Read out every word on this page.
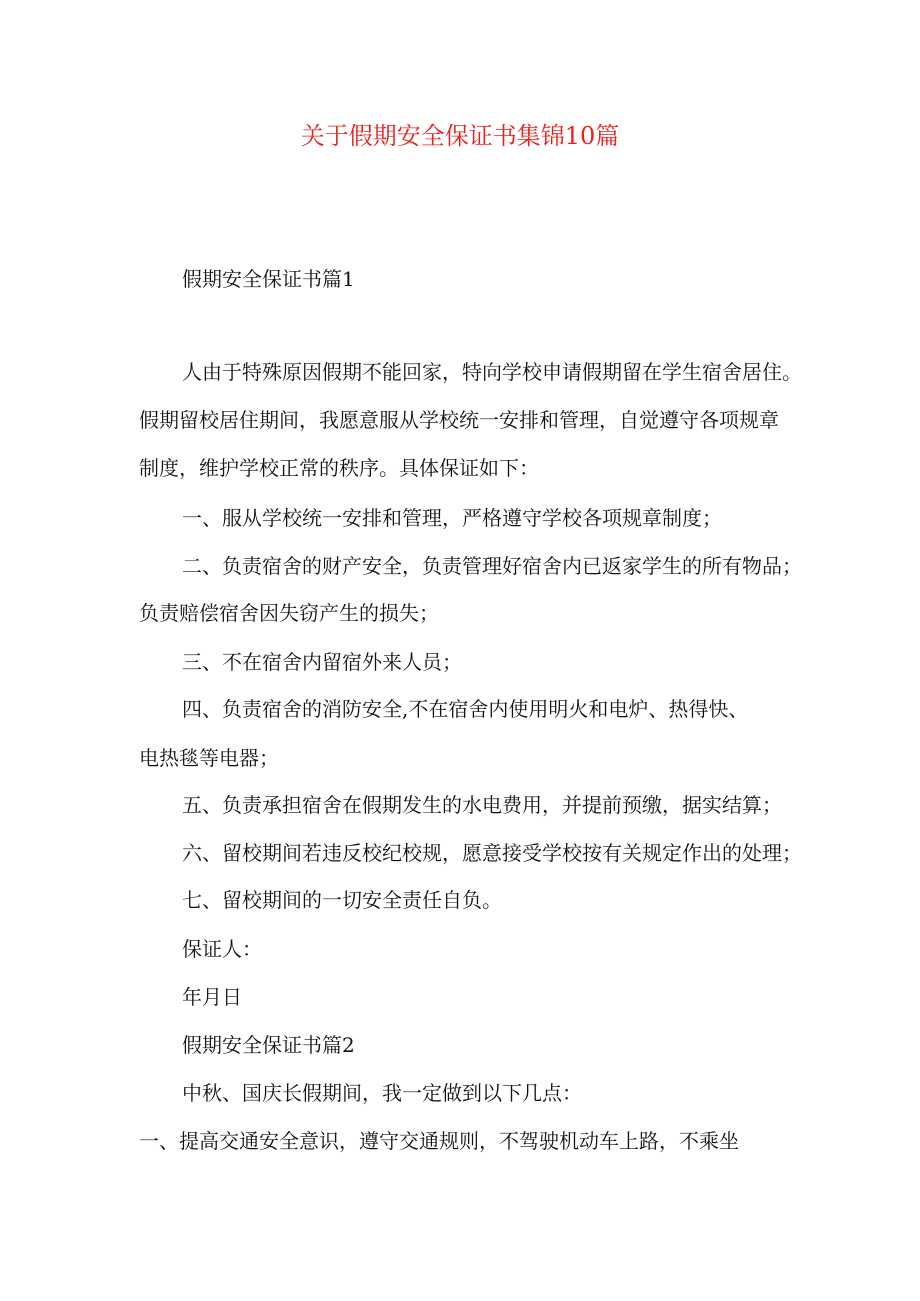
关于假期安全保证书集锦10篇
假期安全保证书篇1
人由于特殊原因假期不能回家，特向学校申请假期留在学生宿舍居住。
假期留校居住期间，我愿意服从学校统一安排和管理，自觉遵守各项规章
制度，维护学校正常的秩序。具体保证如下：
一、服从学校统一安排和管理，严格遵守学校各项规章制度；
二、负责宿舍的财产安全，负责管理好宿舍内已返家学生的所有物品；
负责赔偿宿舍因失窃产生的损失；
三、不在宿舍内留宿外来人员；
四、负责宿舍的消防安全,不在宿舍内使用明火和电炉、热得快、
电热毯等电器；
五、负责承担宿舍在假期发生的水电费用，并提前预缴，据实结算；
六、留校期间若违反校纪校规，愿意接受学校按有关规定作出的处理；
七、留校期间的一切安全责任自负。
保证人：
年月日
假期安全保证书篇2
中秋、国庆长假期间，我一定做到以下几点：
一、提高交通安全意识，遵守交通规则，不驾驶机动车上路，不乘坐
